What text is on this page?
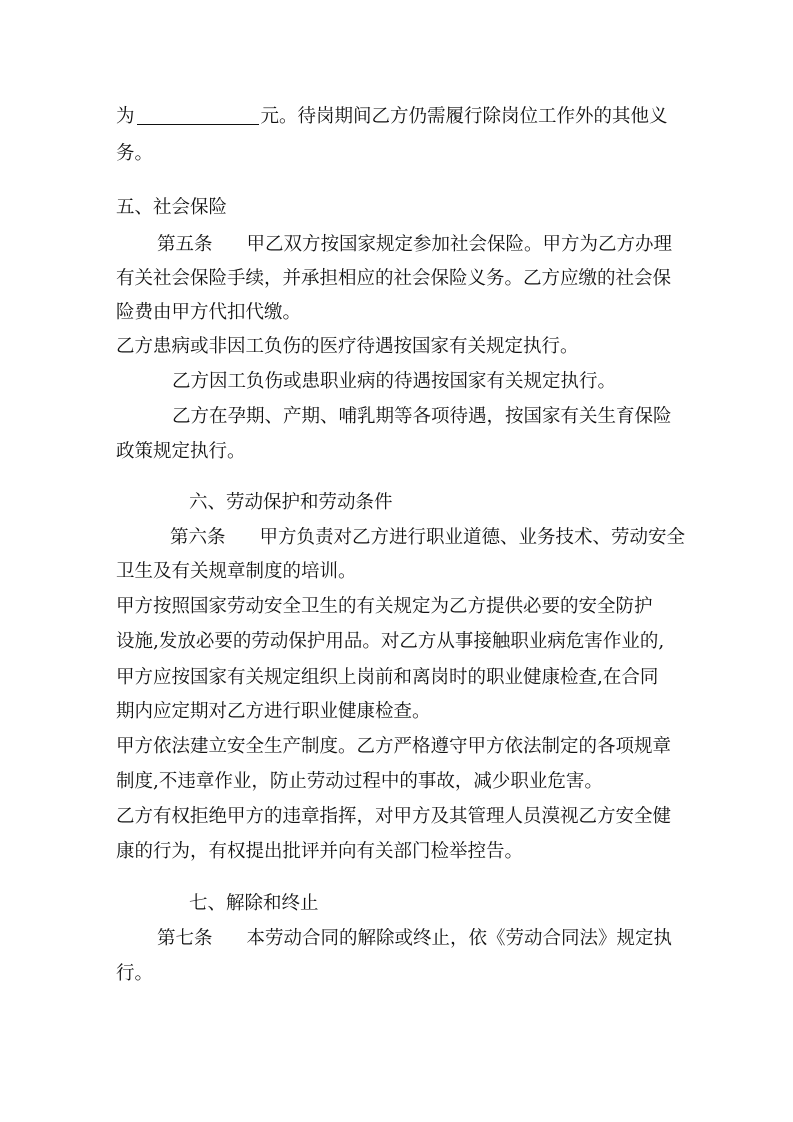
为	元。待岗期间乙方仍需履行除岗位工作外的其他义
务。
五、社会保险
第五条 甲乙双方按国家规定参加社会保险。甲方为乙方办理
有关社会保险手续，并承担相应的社会保险义务。乙方应缴的社会保
险费由甲方代扣代缴。
乙方患病或非因工负伤的医疗待遇按国家有关规定执行。
乙方因工负伤或患职业病的待遇按国家有关规定执行。
乙方在孕期、产期、哺乳期等各项待遇，按国家有关生育保险
政策规定执行。
六、劳动保护和劳动条件
第六条 甲方负责对乙方进行职业道德、业务技术、劳动安全
卫生及有关规章制度的培训。
甲方按照国家劳动安全卫生的有关规定为乙方提供必要的安全防护
设施,发放必要的劳动保护用品。对乙方从事接触职业病危害作业的,
甲方应按国家有关规定组织上岗前和离岗时的职业健康检查,在合同
期内应定期对乙方进行职业健康检查。
甲方依法建立安全生产制度。乙方严格遵守甲方依法制定的各项规章
制度,不违章作业，防止劳动过程中的事故，减少职业危害。
乙方有权拒绝甲方的违章指挥，对甲方及其管理人员漠视乙方安全健
康的行为，有权提出批评并向有关部门检举控告。
七、解除和终止
第七条 本劳动合同的解除或终止，依《劳动合同法》规定执
行。
